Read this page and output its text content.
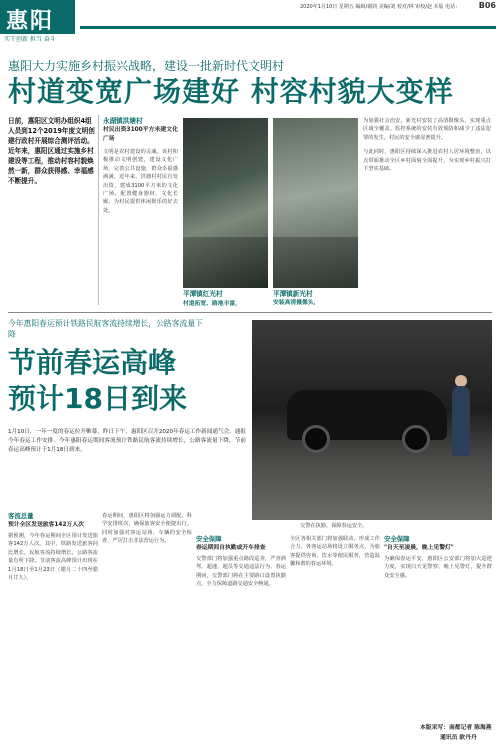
惠阳
实干创新 担当 奋斗
2020年1月10日 星期五 编辑/谢润 美编/刘 校对/林 审校/赵 本版 电话： B06
惠阳大力实施乡村振兴战略，建设一批新时代文明村
村道变宽广场建好 村容村貌大变样
日前，惠阳区文明办组织4组人员到12个2019年度文明创建行政村开展综合测评活动。近年来，惠阳区通过实施乡村建设等工程，推动村容村貌焕然一新，群众获得感、幸福感不断提升。
永湖镇洪塘村
村民出资3100平方米建文化广场
文明是农村建设的灵魂。该村积极推动文明创建，建设文化广场，完善公共设施，群众幸福感满满。近年来，洪塘村村民自发出资，建成3100平方米的文化广场，配置健身器材、文化长廊，为村民提供休闲娱乐的好去处。
平潭镇红光村
村道拓宽、路地丰富，
平潭镇新光村
安装高清摄像头，
为加强社会治安，新光村安装了高清摄像头，实现重点区域全覆盖。监控系统的安装有效预防和减少了违法犯罪的发生，村民的安全感显著提升。
与此同时，惠阳区持续深入推进农村人居环境整治，以点带面推动全区乡村面貌全面提升，为实现乡村振兴打下坚实基础。
今年惠阳春运预计铁路民航客流持续增长，公路客流量下降
节前春运高峰
预计18日到来
1月10日，一年一度的春运拉开帷幕。昨日下午，惠阳区召开2020年春运工作新闻通气会，通报今年春运工作安排。今年惠阳春运期间客流预计铁路民航客流持续增长，公路客流量下降，节前春运高峰预计于1月18日到来。
交警在执勤，保障春运安全。
客流总量
预计全区发送旅客142万人次
据预测，今年春运期间全区预计发送旅客142万人次。其中，铁路发送旅客同比增长，民航客流持续增长，公路客流量有所下降。节前客流高峰预计出现在1月18日至1月23日（腊月二十四至腊月廿九）。
春运期间，惠阳区将加强运力调配，科学安排班次，确保旅客安全便捷出行。同时加强对客运站场、车辆的安全检查，严厉打击非法营运行为。	安全保障
春运期间自执勤或开车排查
交警部门将加强重点路段巡查，严查酒驾、超速、超员等交通违法行为。春运期间，交警部门将在主要路口设置执勤点，全力保障道路交通安全畅通。
全区各相关部门将加强联动，形成工作合力。各客运站场将设立服务点，为旅客提供咨询、饮水等便民服务，营造温馨和谐的春运环境。
安全保障
"自天至凌晨，晚上见警灯"
为确保春运平安，惠阳区公安部门将加大巡逻力度，实现白天见警察、晚上见警灯，提升群众安全感。
本版采写：南都记者 陈海燕
通讯员 欧丹丹
